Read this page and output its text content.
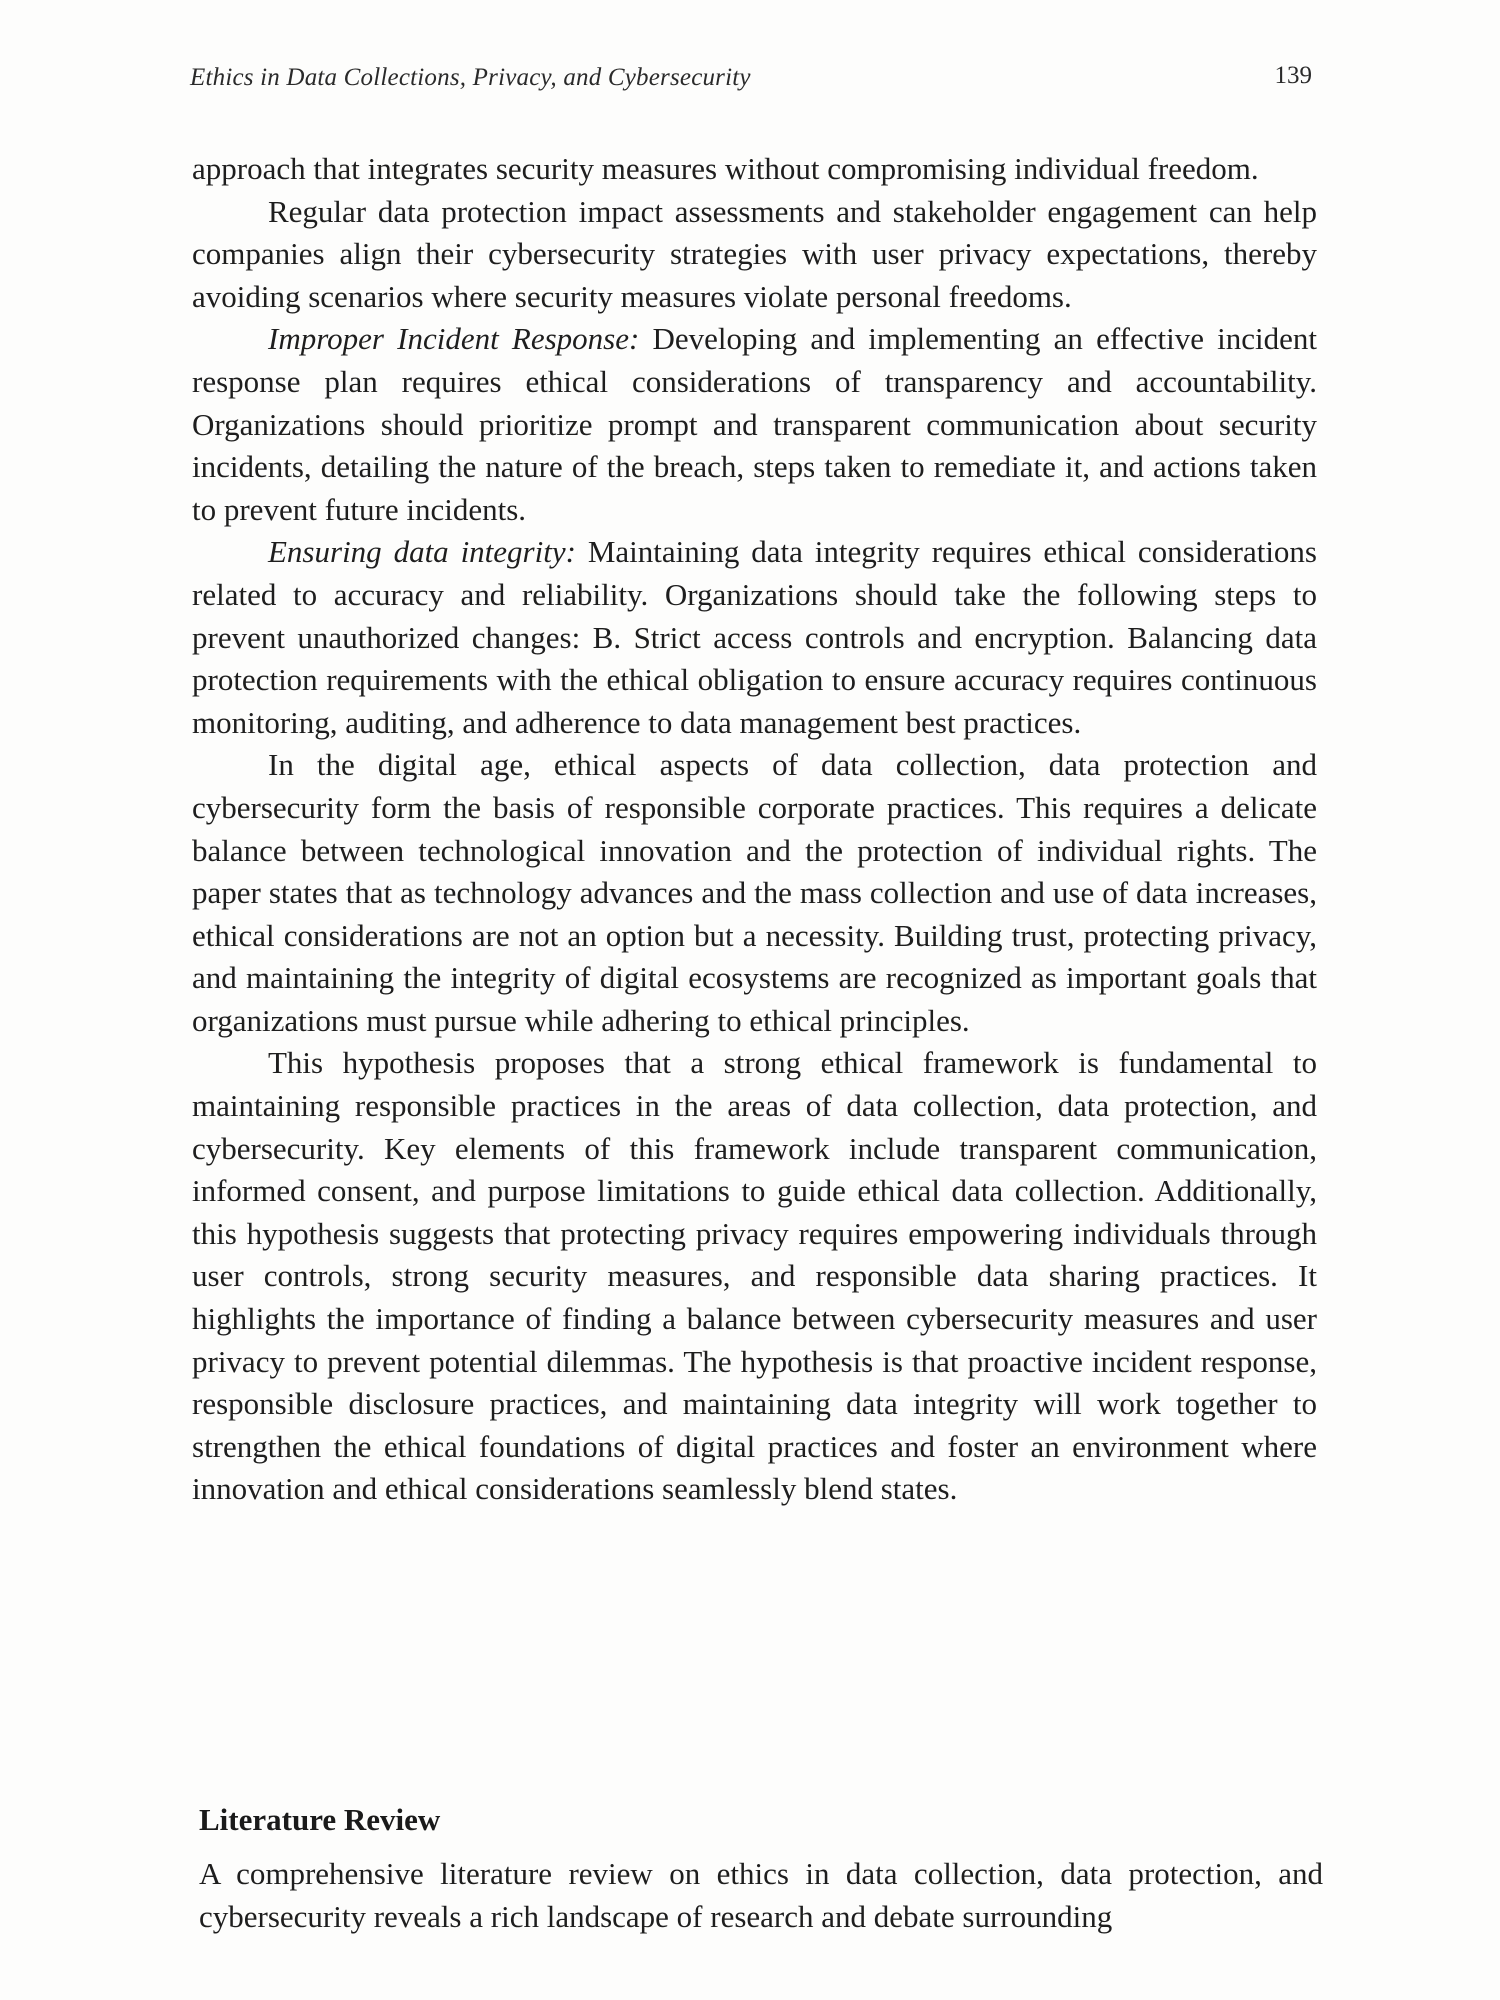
Ethics in Data Collections, Privacy, and Cybersecurity	139

approach that integrates security measures without compromising individual freedom.

Regular data protection impact assessments and stakeholder engagement can help companies align their cybersecurity strategies with user privacy expectations, thereby avoiding scenarios where security measures violate personal freedoms.

Improper Incident Response: Developing and implementing an effective incident response plan requires ethical considerations of transparency and accountability. Organizations should prioritize prompt and transparent communication about security incidents, detailing the nature of the breach, steps taken to remediate it, and actions taken to prevent future incidents.

Ensuring data integrity: Maintaining data integrity requires ethical considerations related to accuracy and reliability. Organizations should take the following steps to prevent unauthorized changes: B. Strict access controls and encryption. Balancing data protection requirements with the ethical obligation to ensure accuracy requires continuous monitoring, auditing, and adherence to data management best practices.

In the digital age, ethical aspects of data collection, data protection and cybersecurity form the basis of responsible corporate practices. This requires a delicate balance between technological innovation and the protection of individual rights. The paper states that as technology advances and the mass collection and use of data increases, ethical considerations are not an option but a necessity. Building trust, protecting privacy, and maintaining the integrity of digital ecosystems are recognized as important goals that organizations must pursue while adhering to ethical principles.

This hypothesis proposes that a strong ethical framework is fundamental to maintaining responsible practices in the areas of data collection, data protection, and cybersecurity. Key elements of this framework include transparent communication, informed consent, and purpose limitations to guide ethical data collection. Additionally, this hypothesis suggests that protecting privacy requires empowering individuals through user controls, strong security measures, and responsible data sharing practices. It highlights the importance of finding a balance between cybersecurity measures and user privacy to prevent potential dilemmas. The hypothesis is that proactive incident response, responsible disclosure practices, and maintaining data integrity will work together to strengthen the ethical foundations of digital practices and foster an environment where innovation and ethical considerations seamlessly blend states.

Literature Review

A comprehensive literature review on ethics in data collection, data protection, and cybersecurity reveals a rich landscape of research and debate surrounding
